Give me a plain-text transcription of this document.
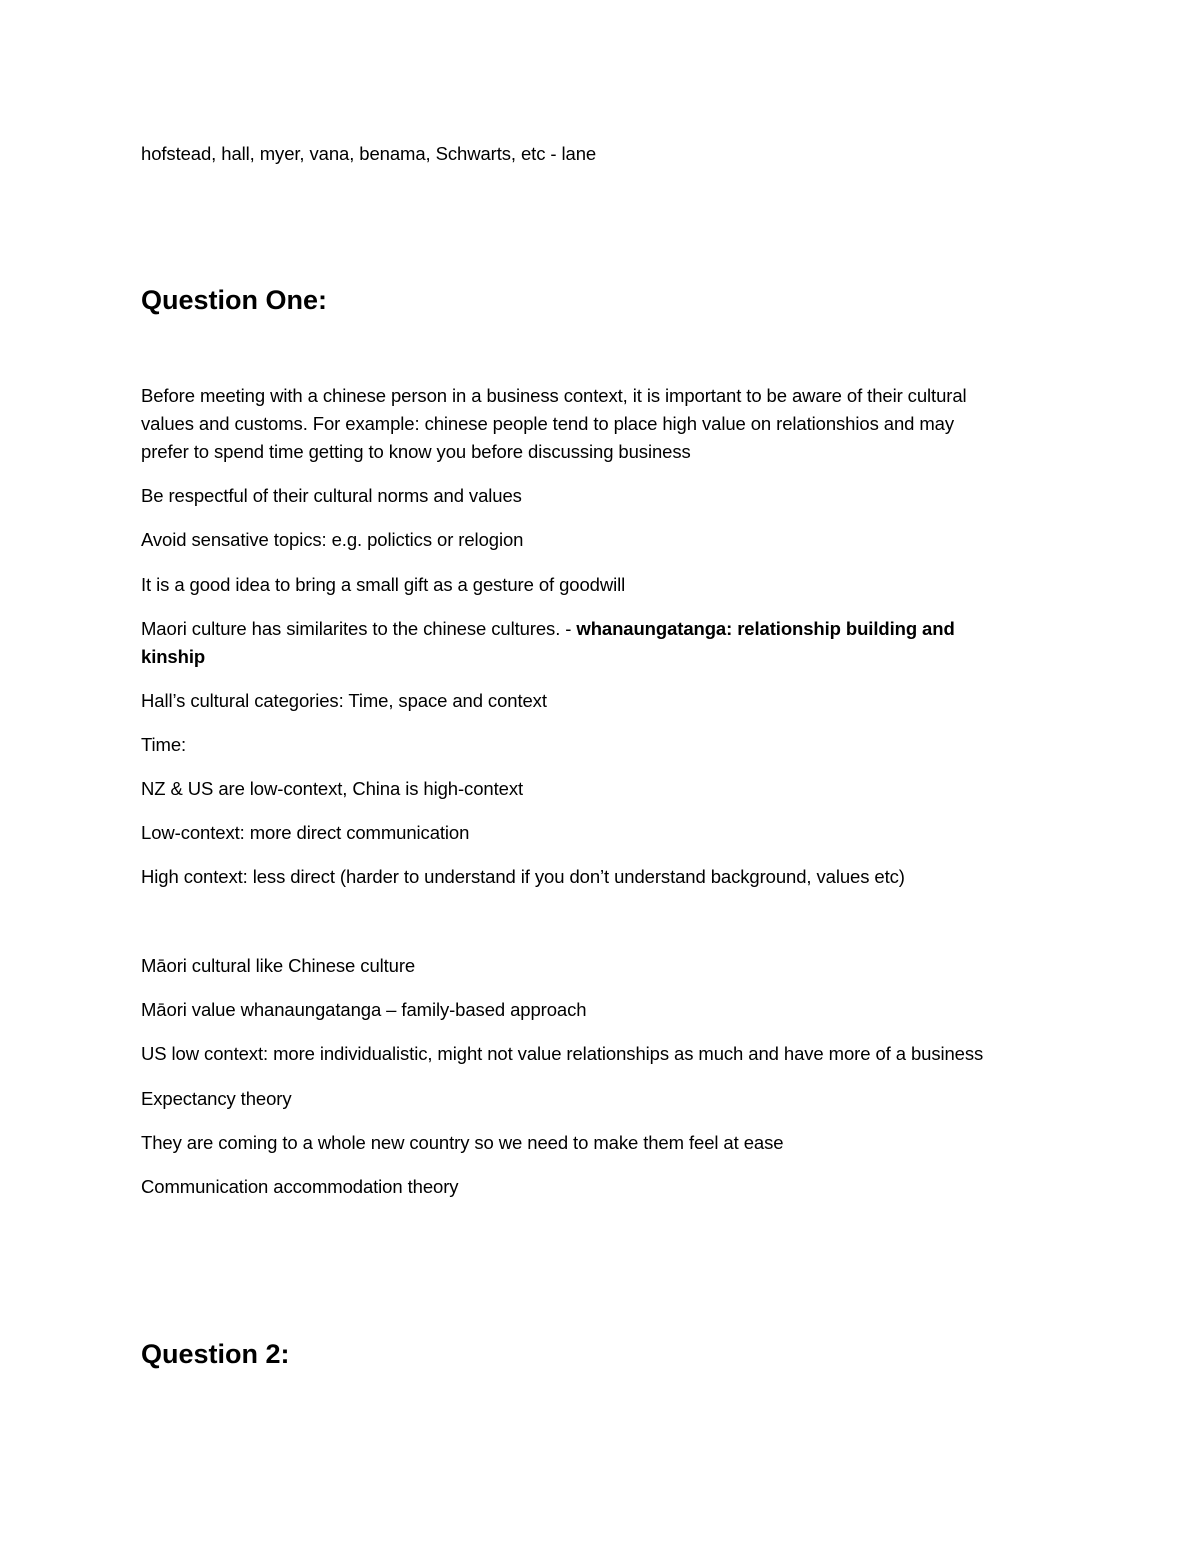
hofstead, hall, myer, vana, benama, Schwarts, etc - lane
Question One:
Before meeting with a chinese person in a business context, it is important to be aware of their cultural
values and customs. For example: chinese people tend to place high value on relationshios and may
prefer to spend time getting to know you before discussing business
Be respectful of their cultural norms and values
Avoid sensative topics: e.g. polictics or relogion
It is a good idea to bring a small gift as a gesture of goodwill
Maori culture has similarites to the chinese cultures. - whanaungatanga: relationship building and
kinship
Hall’s cultural categories: Time, space and context
Time:
NZ & US are low-context, China is high-context
Low-context: more direct communication
High context: less direct (harder to understand if you don’t understand background, values etc)
Māori cultural like Chinese culture
Māori value whanaungatanga – family-based approach
US low context: more individualistic, might not value relationships as much and have more of a business
Expectancy theory
They are coming to a whole new country so we need to make them feel at ease
Communication accommodation theory
Question 2:
